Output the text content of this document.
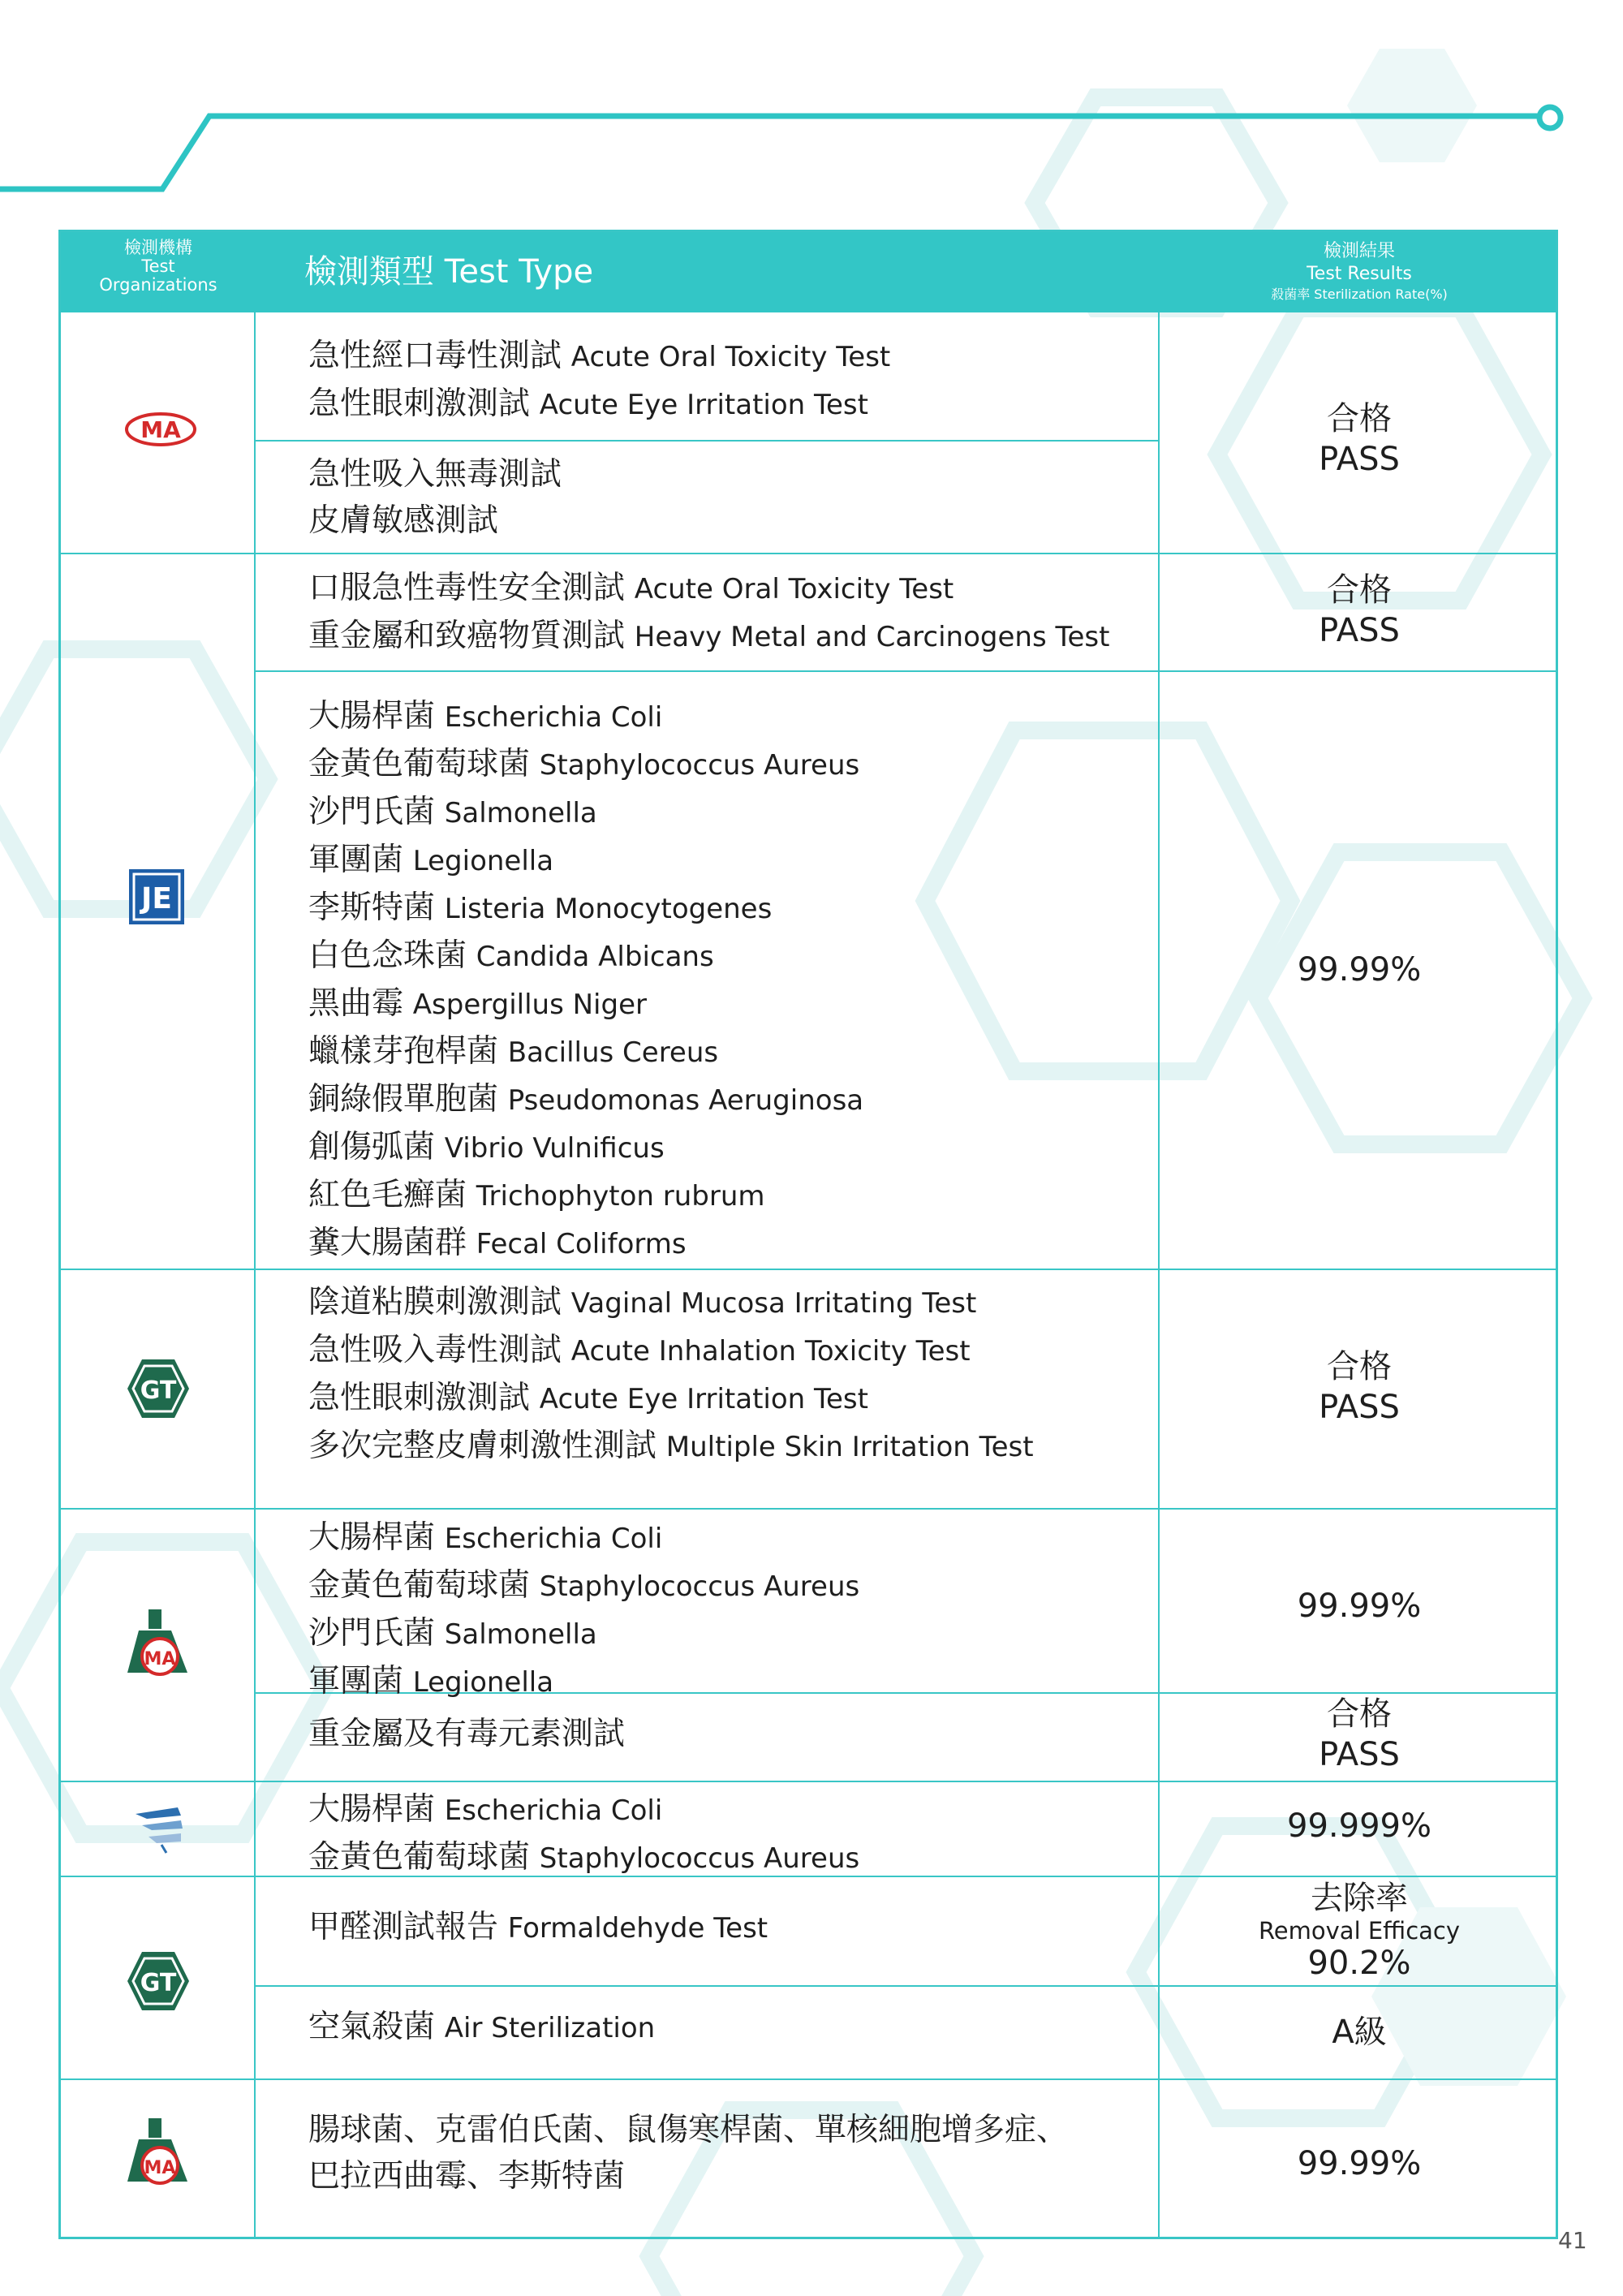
檢測機構
Test
Organizations	檢測類型 Test Type
檢測結果
Test Results
殺菌率 Sterilization Rate(%)
急性經口毒性測試 Acute Oral Toxicity Test
急性眼刺激測試 Acute Eye Irritation Test
急性吸入無毒測試
皮膚敏感測試
口服急性毒性安全測試 Acute Oral Toxicity Test
重金屬和致癌物質測試 Heavy Metal and Carcinogens Test
大腸桿菌 Escherichia Coli
金黃色葡萄球菌 Staphylococcus Aureus
沙門氏菌 Salmonella
軍團菌 Legionella
李斯特菌 Listeria Monocytogenes
白色念珠菌 Candida Albicans
黑曲霉 Aspergillus Niger
蠟樣芽孢桿菌 Bacillus Cereus
銅綠假單胞菌 Pseudomonas Aeruginosa
創傷弧菌 Vibrio Vulnificus
紅色毛癬菌 Trichophyton rubrum
糞大腸菌群 Fecal Coliforms
陰道粘膜刺激測試 Vaginal Mucosa Irritating Test
急性吸入毒性測試 Acute Inhalation Toxicity Test
急性眼刺激測試 Acute Eye Irritation Test
多次完整皮膚刺激性測試 Multiple Skin Irritation Test
大腸桿菌 Escherichia Coli
金黃色葡萄球菌 Staphylococcus Aureus
沙門氏菌 Salmonella
軍團菌 Legionella
重金屬及有毒元素測試
大腸桿菌 Escherichia Coli
金黃色葡萄球菌 Staphylococcus Aureus
甲醛測試報告 Formaldehyde Test
空氣殺菌 Air Sterilization
腸球菌、克雷伯氏菌、鼠傷寒桿菌、單核細胞增多症、
巴拉西曲霉、李斯特菌
合格
PASS
合格
PASS
99.99%
合格
PASS
99.99%
合格
PASS
99.999%
去除率
Removal Efficacy
90.2%
A級
99.99%
MA
JE
GT
MA
GT
MA
41
